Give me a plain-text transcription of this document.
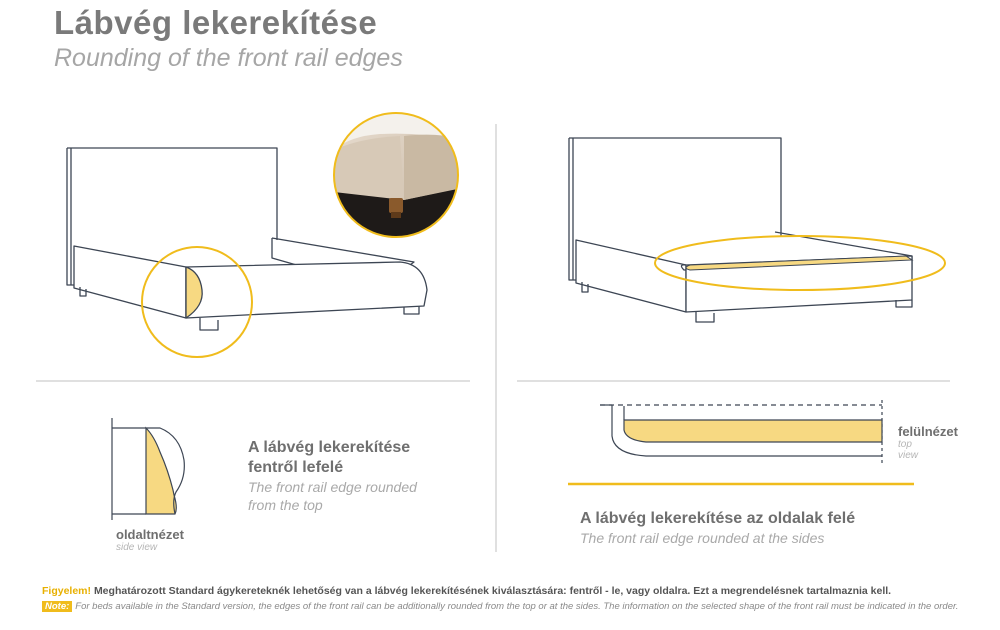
Lábvég lekerekítése
Rounding of the front rail edges
A lábvég lekerekítése
fentről lefelé
The front rail edge rounded
from the top
oldaltnézet
side view
felülnézet
top
view
A lábvég lekerekítése az oldalak felé
The front rail edge rounded at the sides
Figyelem! Meghatározott Standard ágykereteknék lehetőség van a lábvég lekerekítésének kiválasztására: fentről - le, vagy oldalra. Ezt a megrendelésnek tartalmaznia kell.
Note: For beds available in the Standard version, the edges of the front rail can be additionally rounded from the top or at the sides. The information on the selected shape of the front rail must be indicated in the order.
